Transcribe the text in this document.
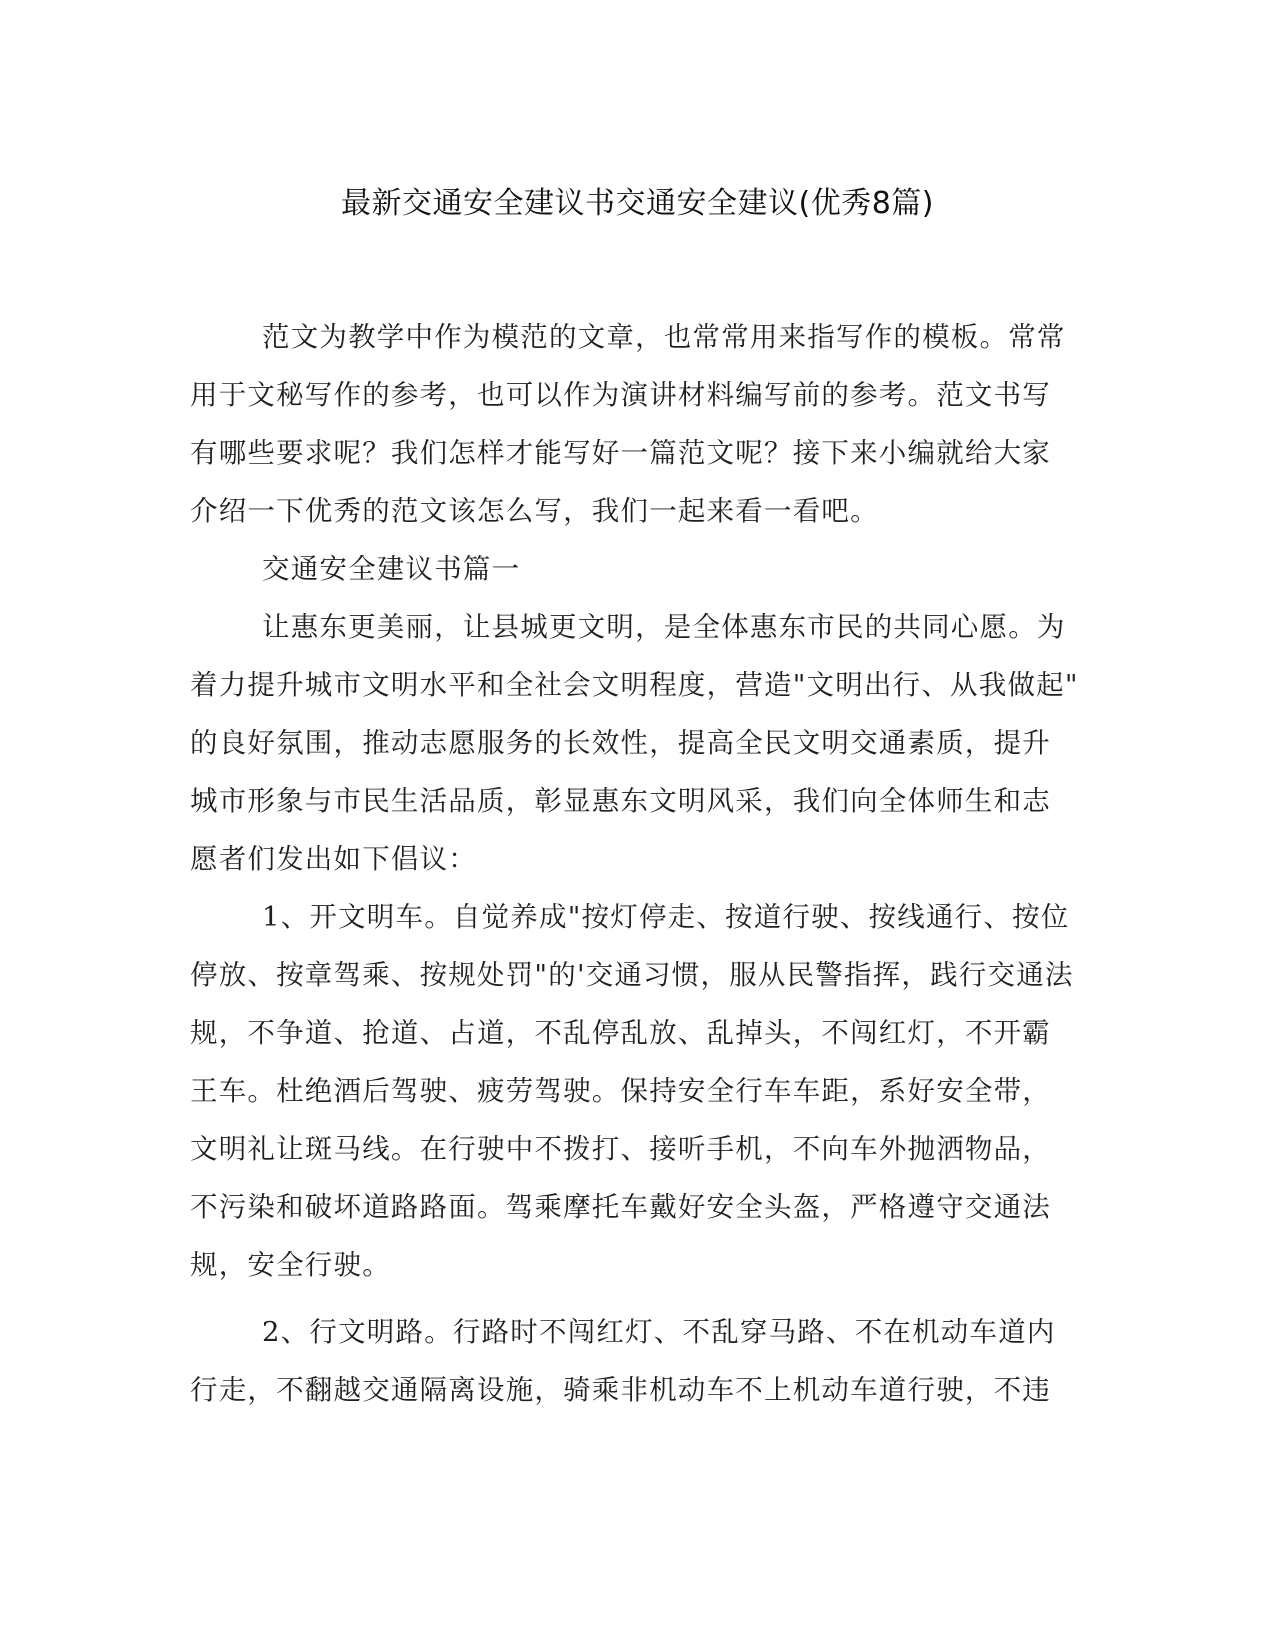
最新交通安全建议书交通安全建议(优秀8篇)
范文为教学中作为模范的文章，也常常用来指写作的模板。常常
用于文秘写作的参考，也可以作为演讲材料编写前的参考。范文书写
有哪些要求呢？我们怎样才能写好一篇范文呢？接下来小编就给大家
介绍一下优秀的范文该怎么写，我们一起来看一看吧。
交通安全建议书篇一
让惠东更美丽，让县城更文明，是全体惠东市民的共同心愿。为
着力提升城市文明水平和全社会文明程度，营造"文明出行、从我做起"
的良好氛围，推动志愿服务的长效性，提高全民文明交通素质，提升
城市形象与市民生活品质，彰显惠东文明风采，我们向全体师生和志
愿者们发出如下倡议：
1、开文明车。自觉养成"按灯停走、按道行驶、按线通行、按位
停放、按章驾乘、按规处罚"的'交通习惯，服从民警指挥，践行交通法
规，不争道、抢道、占道，不乱停乱放、乱掉头，不闯红灯，不开霸
王车。杜绝酒后驾驶、疲劳驾驶。保持安全行车车距，系好安全带，
文明礼让斑马线。在行驶中不拨打、接听手机，不向车外抛洒物品，
不污染和破坏道路路面。驾乘摩托车戴好安全头盔，严格遵守交通法
规，安全行驶。
2、行文明路。行路时不闯红灯、不乱穿马路、不在机动车道内
行走，不翻越交通隔离设施，骑乘非机动车不上机动车道行驶，不违
